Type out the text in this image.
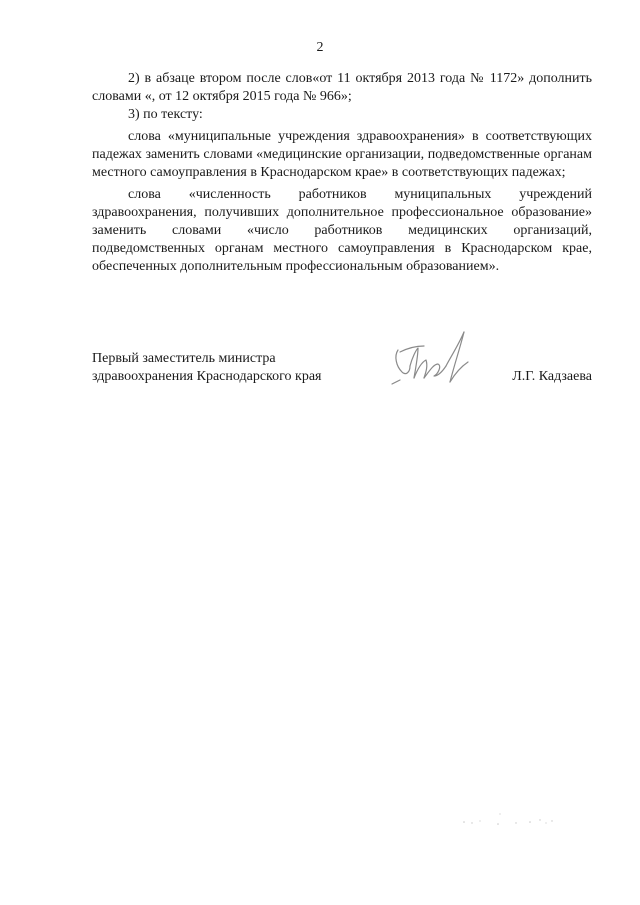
2

2) в абзаце втором после слов«от 11 октября 2013 года № 1172» дополнить словами «, от 12 октября 2015 года № 966»;

3) по тексту:

слова «муниципальные учреждения здравоохранения» в соответствующих падежах заменить словами «медицинские организации, подведомственные органам местного самоуправления в Краснодарском крае» в соответствующих падежах;

слова «численность работников муниципальных учреждений здравоохранения, получивших дополнительное профессиональное образование» заменить словами «число работников медицинских организаций, подведомственных органам местного самоуправления в Краснодарском крае, обеспеченных дополнительным профессиональным образованием».

Первый заместитель министра
здравоохранения Краснодарского края	Л.Г. Кадзаева
